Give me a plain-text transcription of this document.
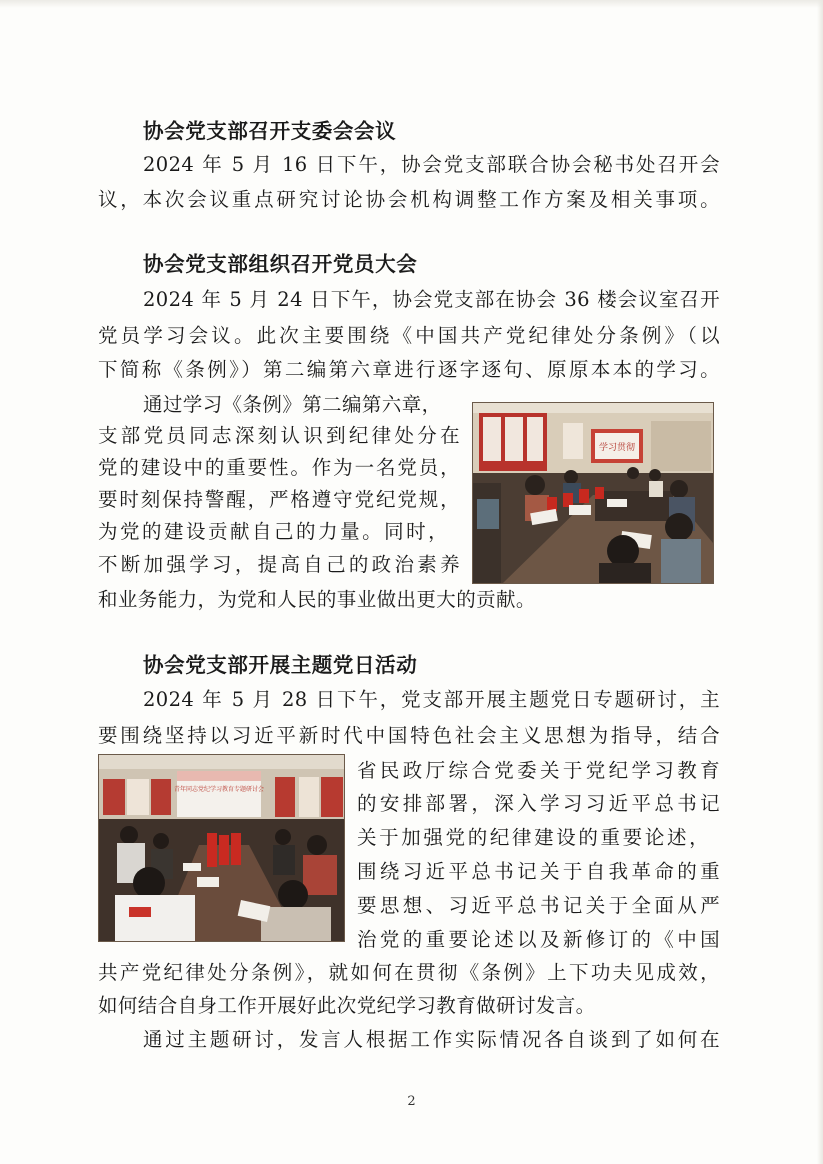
协会党支部召开支委会会议
2024 年 5 月 16 日下午，协会党支部联合协会秘书处召开会
议，本次会议重点研究讨论协会机构调整工作方案及相关事项。
协会党支部组织召开党员大会
2024 年 5 月 24 日下午，协会党支部在协会 36 楼会议室召开
党员学习会议。此次主要围绕《中国共产党纪律处分条例》（以
下简称《条例》）第二编第六章进行逐字逐句、原原本本的学习。
通过学习《条例》第二编第六章，
支部党员同志深刻认识到纪律处分在
党的建设中的重要性。作为一名党员，
要时刻保持警醒，严格遵守党纪党规，
为党的建设贡献自己的力量。同时，
不断加强学习，提高自己的政治素养
和业务能力，为党和人民的事业做出更大的贡献。
学习贯彻
协会党支部开展主题党日活动
2024 年 5 月 28 日下午，党支部开展主题党日专题研讨，主
要围绕坚持以习近平新时代中国特色社会主义思想为指导，结合
省民政厅综合党委关于党纪学习教育
的安排部署，深入学习习近平总书记
关于加强党的纪律建设的重要论述，
围绕习近平总书记关于自我革命的重
要思想、习近平总书记关于全面从严
治党的重要论述以及新修订的《中国
共产党纪律处分条例》，就如何在贯彻《条例》上下功夫见成效，
如何结合自身工作开展好此次党纪学习教育做研讨发言。
通过主题研讨，发言人根据工作实际情况各自谈到了如何在
青年同志党纪学习教育专题研讨会
2
